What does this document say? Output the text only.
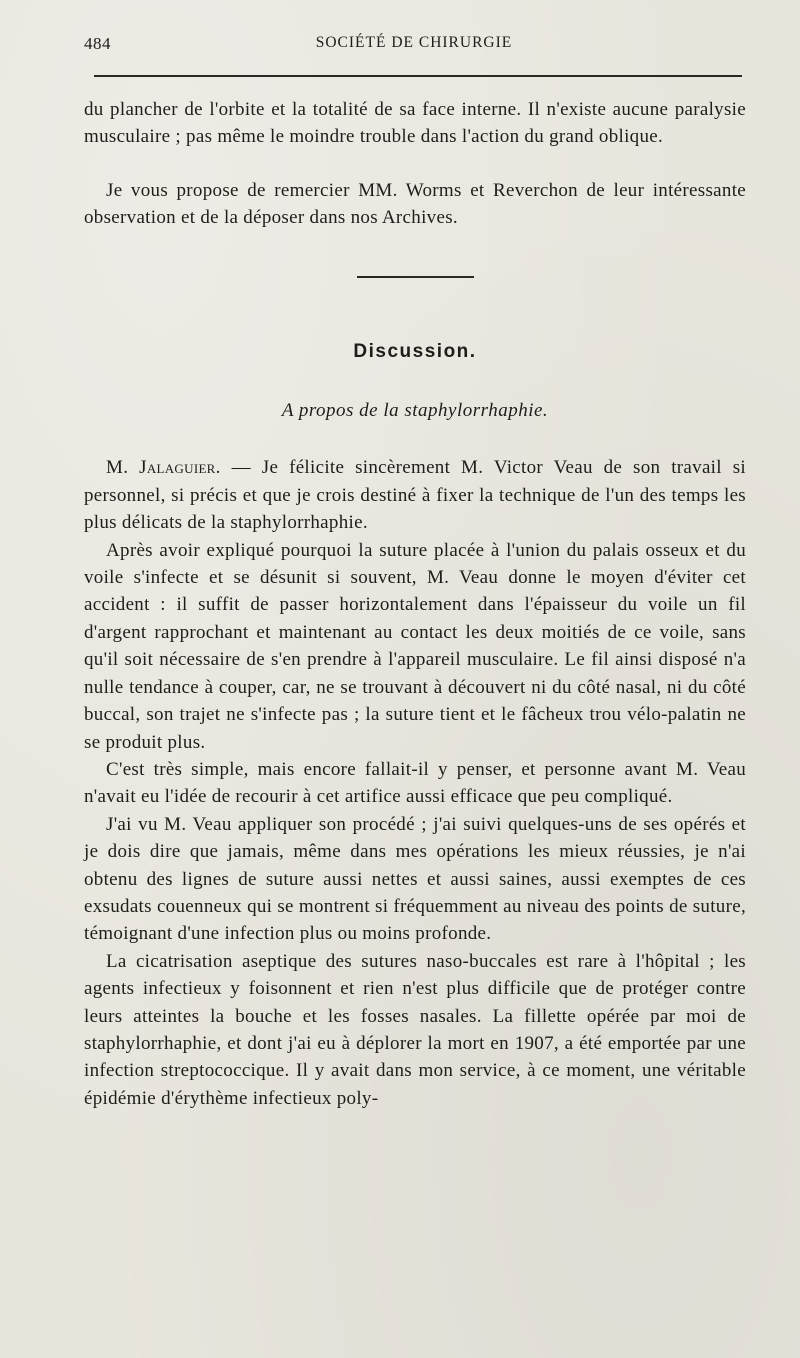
484	SOCIÉTÉ DE CHIRURGIE

du plancher de l'orbite et la totalité de sa face interne. Il n'existe aucune paralysie musculaire ; pas même le moindre trouble dans l'action du grand oblique.

Je vous propose de remercier MM. Worms et Reverchon de leur intéressante observation et de la déposer dans nos Archives.

Discussion.

A propos de la staphylorrhaphie.

M. Jalaguier. — Je félicite sincèrement M. Victor Veau de son travail si personnel, si précis et que je crois destiné à fixer la technique de l'un des temps les plus délicats de la staphylorrhaphie.

Après avoir expliqué pourquoi la suture placée à l'union du palais osseux et du voile s'infecte et se désunit si souvent, M. Veau donne le moyen d'éviter cet accident : il suffit de passer horizontalement dans l'épaisseur du voile un fil d'argent rapprochant et maintenant au contact les deux moitiés de ce voile, sans qu'il soit nécessaire de s'en prendre à l'appareil musculaire. Le fil ainsi disposé n'a nulle tendance à couper, car, ne se trouvant à découvert ni du côté nasal, ni du côté buccal, son trajet ne s'infecte pas ; la suture tient et le fâcheux trou vélo-palatin ne se produit plus.

C'est très simple, mais encore fallait-il y penser, et personne avant M. Veau n'avait eu l'idée de recourir à cet artifice aussi efficace que peu compliqué.

J'ai vu M. Veau appliquer son procédé ; j'ai suivi quelques-uns de ses opérés et je dois dire que jamais, même dans mes opérations les mieux réussies, je n'ai obtenu des lignes de suture aussi nettes et aussi saines, aussi exemptes de ces exsudats couenneux qui se montrent si fréquemment au niveau des points de suture, témoignant d'une infection plus ou moins profonde.

La cicatrisation aseptique des sutures naso-buccales est rare à l'hôpital ; les agents infectieux y foisonnent et rien n'est plus difficile que de protéger contre leurs atteintes la bouche et les fosses nasales. La fillette opérée par moi de staphylorrhaphie, et dont j'ai eu à déplorer la mort en 1907, a été emportée par une infection streptococcique. Il y avait dans mon service, à ce moment, une véritable épidémie d'érythème infectieux poly-
